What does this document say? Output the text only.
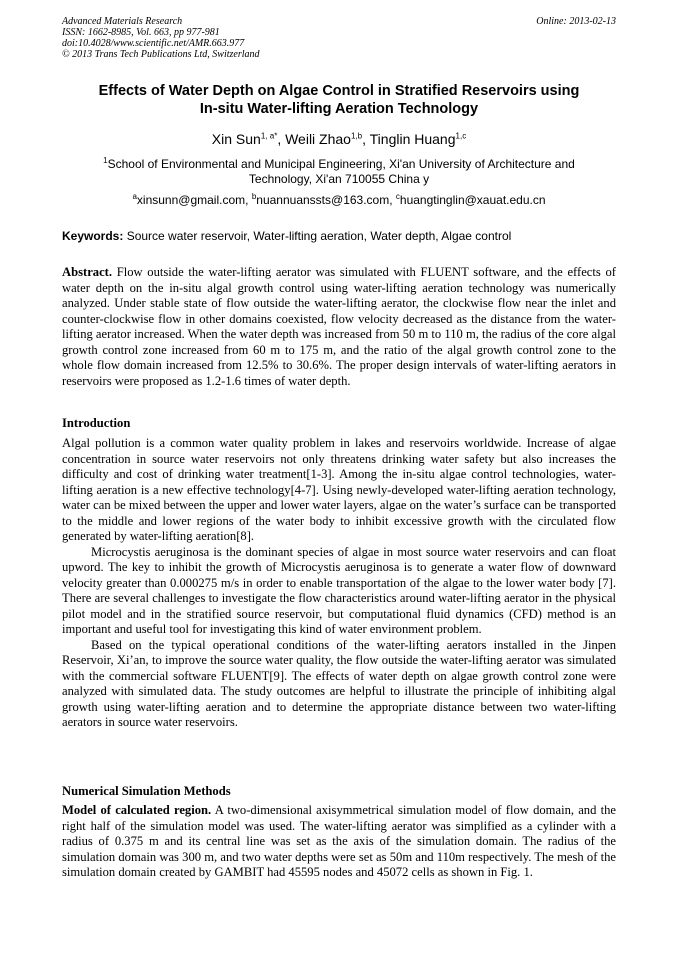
Advanced Materials Research
ISSN: 1662-8985, Vol. 663, pp 977-981
doi:10.4028/www.scientific.net/AMR.663.977
© 2013 Trans Tech Publications Ltd, Switzerland
Online: 2013-02-13
Effects of Water Depth on Algae Control in Stratified Reservoirs using
In-situ Water-lifting Aeration Technology
Xin Sun$^{1, a*}$, Weili Zhao$^{1,b}$, Tinglin Huang$^{1,c}$
$^1$School of Environmental and Municipal Engineering, Xi'an University of Architecture and
Technology, Xi'an 710055 China y
$^a$xinsunn@gmail.com, $^b$nuannuanssts@163.com, $^c$huangtinglin@xauat.edu.cn
Keywords: Source water reservoir, Water-lifting aeration, Water depth, Algae control
Abstract. Flow outside the water-lifting aerator was simulated with FLUENT software, and the effects of water depth on the in-situ algal growth control using water-lifting aeration technology was numerically analyzed. Under stable state of flow outside the water-lifting aerator, the clockwise flow near the inlet and counter-clockwise flow in other domains coexisted, flow velocity decreased as the distance from the water-lifting aerator increased. When the water depth was increased from 50 m to 110 m, the radius of the core algal growth control zone increased from 60 m to 175 m, and the ratio of the algal growth control zone to the whole flow domain increased from 12.5% to 30.6%. The proper design intervals of water-lifting aerators in reservoirs were proposed as 1.2-1.6 times of water depth.
Introduction

Algal pollution is a common water quality problem in lakes and reservoirs worldwide. Increase of algae concentration in source water reservoirs not only threatens drinking water safety but also increases the difficulty and cost of drinking water treatment[1-3]. Among the in-situ algae control technologies, water-lifting aeration is a new effective technology[4-7]. Using newly-developed water-lifting aeration technology, water can be mixed between the upper and lower water layers, algae on the water’s surface can be transported to the middle and lower regions of the water body to inhibit excessive growth with the circulated flow generated by water-lifting aeration[8].

Microcystis aeruginosa is the dominant species of algae in most source water reservoirs and can float upword. The key to inhibit the growth of Microcystis aeruginosa is to generate a water flow of downward velocity greater than 0.000275 m/s in order to enable transportation of the algae to the lower water body [7]. There are several challenges to investigate the flow characteristics around water-lifting aerator in the physical pilot model and in the stratified source reservoir, but computational fluid dynamics (CFD) method is an important and useful tool for investigating this kind of water environment problem.

Based on the typical operational conditions of the water-lifting aerators installed in the Jinpen Reservoir, Xi’an, to improve the source water quality, the flow outside the water-lifting aerator was simulated with the commercial software FLUENT[9]. The effects of water depth on algae growth control zone were analyzed with simulated data. The study outcomes are helpful to illustrate the principle of inhibiting algal growth using water-lifting aeration and to determine the appropriate distance between two water-lifting aerators in source water reservoirs.

Numerical Simulation Methods
Model of calculated region. A two-dimensional axisymmetrical simulation model of flow domain, and the right half of the simulation model was used. The water-lifting aerator was simplified as a cylinder with a radius of 0.375 m and its central line was set as the axis of the simulation domain. The radius of the simulation domain was 300 m, and two water depths were set as 50m and 110m respectively. The mesh of the simulation domain created by GAMBIT had 45595 nodes and 45072 cells as shown in Fig. 1.
